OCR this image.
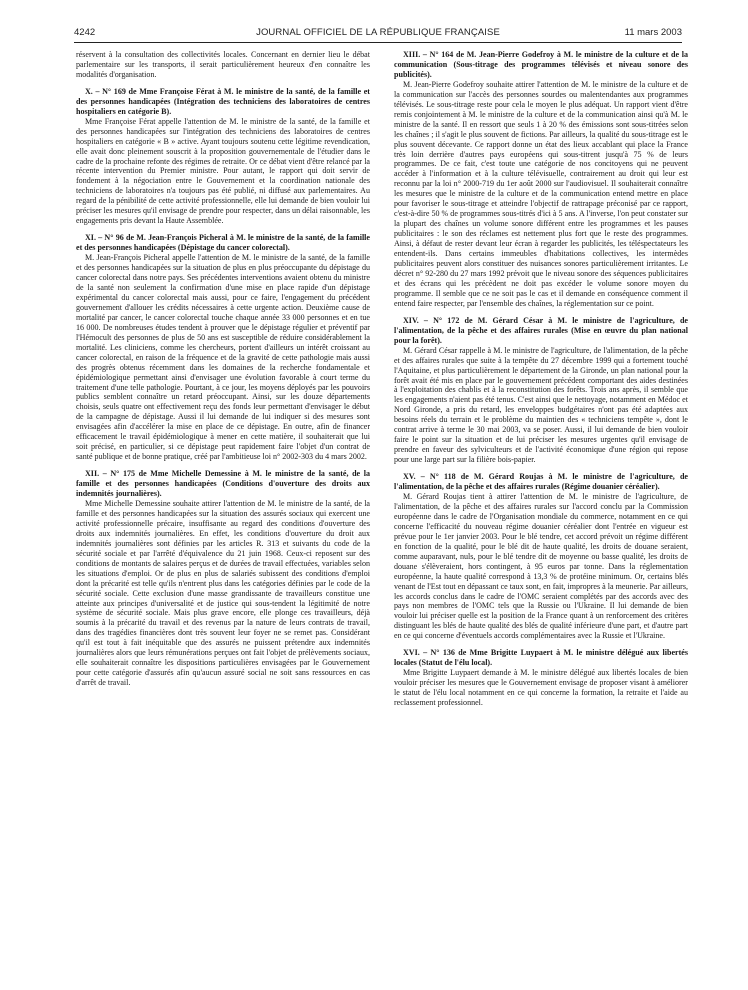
4242	JOURNAL OFFICIEL DE LA RÉPUBLIQUE FRANÇAISE	11 mars 2003

réservent à la consultation des collectivités locales. Concernant en dernier lieu le débat parlementaire sur les transports, il serait particulièrement heureux d'en connaître les modalités d'organisation.

X. – N° 169 de Mme Françoise Férat à M. le ministre de la santé, de la famille et des personnes handicapées (Intégration des techniciens des laboratoires de centres hospitaliers en catégorie B).

Mme Françoise Férat appelle l'attention de M. le ministre de la santé, de la famille et des personnes handicapées sur l'intégration des techniciens des laboratoires de centres hospitaliers en catégorie « B » active. Ayant toujours soutenu cette légitime revendication, elle avait donc pleinement souscrit à la proposition gouvernementale de l'étudier dans le cadre de la prochaine refonte des régimes de retraite. Or ce débat vient d'être relancé par la récente intervention du Premier ministre. Pour autant, le rapport qui doit servir de fondement à la négociation entre le Gouvernement et la coordination nationale des techniciens de laboratoires n'a toujours pas été publié, ni diffusé aux parlementaires. Au regard de la pénibilité de cette activité professionnelle, elle lui demande de bien vouloir lui préciser les mesures qu'il envisage de prendre pour respecter, dans un délai raisonnable, les engagements pris devant la Haute Assemblée.

XI. – N° 96 de M. Jean-François Picheral à M. le ministre de la santé, de la famille et des personnes handicapées (Dépistage du cancer colorectal).

M. Jean-François Picheral appelle l'attention de M. le ministre de la santé, de la famille et des personnes handicapées sur la situation de plus en plus préoccupante du dépistage du cancer colorectal dans notre pays. Ses précédentes interventions avaient obtenu du ministre de la santé non seulement la confirmation d'une mise en place rapide d'un dépistage expérimental du cancer colorectal mais aussi, pour ce faire, l'engagement du précédent gouvernement d'allouer les crédits nécessaires à cette urgente action. Deuxième cause de mortalité par cancer, le cancer colorectal touche chaque année 33 000 personnes et en tue 16 000. De nombreuses études tendent à prouver que le dépistage régulier et préventif par l'Hémocult des personnes de plus de 50 ans est susceptible de réduire considérablement la mortalité. Les cliniciens, comme les chercheurs, portent d'ailleurs un intérêt croissant au cancer colorectal, en raison de la fréquence et de la gravité de cette pathologie mais aussi des progrès obtenus récemment dans les domaines de la recherche fondamentale et épidémiologique permettant ainsi d'envisager une évolution favorable à court terme du traitement d'une telle pathologie. Pourtant, à ce jour, les moyens déployés par les pouvoirs publics semblent connaître un retard préoccupant. Ainsi, sur les douze départements choisis, seuls quatre ont effectivement reçu des fonds leur permettant d'envisager le début de la campagne de dépistage. Aussi il lui demande de lui indiquer si des mesures sont envisagées afin d'accélérer la mise en place de ce dépistage. En outre, afin de financer efficacement le travail épidémiologique à mener en cette matière, il souhaiterait que lui soit précisé, en particulier, si ce dépistage peut rapidement faire l'objet d'un contrat de santé publique et de bonne pratique, créé par l'ambitieuse loi n° 2002-303 du 4 mars 2002.

XII. – N° 175 de Mme Michelle Demessine à M. le ministre de la santé, de la famille et des personnes handicapées (Conditions d'ouverture des droits aux indemnités journalières).

Mme Michelle Demessine souhaite attirer l'attention de M. le ministre de la santé, de la famille et des personnes handicapées sur la situation des assurés sociaux qui exercent une activité professionnelle précaire, insuffisante au regard des conditions d'ouverture des droits aux indemnités journalières. En effet, les conditions d'ouverture du droit aux indemnités journalières sont définies par les articles R. 313 et suivants du code de la sécurité sociale et par l'arrêté d'équivalence du 21 juin 1968. Ceux-ci reposent sur des conditions de montants de salaires perçus et de durées de travail effectuées, variables selon les situations d'emploi. Or de plus en plus de salariés subissent des conditions d'emploi dont la précarité est telle qu'ils n'entrent plus dans les catégories définies par le code de la sécurité sociale. Cette exclusion d'une masse grandissante de travailleurs constitue une atteinte aux principes d'universalité et de justice qui sous-tendent la légitimité de notre système de sécurité sociale. Mais plus grave encore, elle plonge ces travailleurs, déjà soumis à la précarité du travail et des revenus par la nature de leurs contrats de travail, dans des tragédies financières dont très souvent leur foyer ne se remet pas. Considérant qu'il est tout à fait inéquitable que des assurés ne puissent prétendre aux indemnités journalières alors que leurs rémunérations perçues ont fait l'objet de prélèvements sociaux, elle souhaiterait connaître les dispositions particulières envisagées par le Gouvernement pour cette catégorie d'assurés afin qu'aucun assuré social ne soit sans ressources en cas d'arrêt de travail.

XIII. – N° 164 de M. Jean-Pierre Godefroy à M. le ministre de la culture et de la communication (Sous-titrage des programmes télévisés et niveau sonore des publicités).

M. Jean-Pierre Godefroy souhaite attirer l'attention de M. le ministre de la culture et de la communication sur l'accès des personnes sourdes ou malentendantes aux programmes télévisés. Le sous-titrage reste pour cela le moyen le plus adéquat. Un rapport vient d'être remis conjointement à M. le ministre de la culture et de la communication ainsi qu'à M. le ministre de la santé. Il en ressort que seuls 1 à 20 % des émissions sont sous-titrées selon les chaînes ; il s'agit le plus souvent de fictions. Par ailleurs, la qualité du sous-titrage est le plus souvent décevante. Ce rapport donne un état des lieux accablant qui place la France très loin derrière d'autres pays européens qui sous-titrent jusqu'à 75 % de leurs programmes. De ce fait, c'est toute une catégorie de nos concitoyens qui ne peuvent accéder à l'information et à la culture télévisuelle, contrairement au droit qui leur est reconnu par la loi n° 2000-719 du 1er août 2000 sur l'audiovisuel. Il souhaiterait connaître les mesures que le ministre de la culture et de la communication entend mettre en place pour favoriser le sous-titrage et atteindre l'objectif de rattrapage préconisé par ce rapport, c'est-à-dire 50 % de programmes sous-titrés d'ici à 5 ans. A l'inverse, l'on peut constater sur la plupart des chaînes un volume sonore différent entre les programmes et les pauses publicitaires : le son des réclames est nettement plus fort que le reste des programmes. Ainsi, à défaut de rester devant leur écran à regarder les publicités, les téléspectateurs les entendent-ils. Dans certains immeubles d'habitations collectives, les intermèdes publicitaires peuvent alors constituer des nuisances sonores particulièrement irritantes. Le décret n° 92-280 du 27 mars 1992 prévoit que le niveau sonore des séquences publicitaires et des écrans qui les précèdent ne doit pas excéder le volume sonore moyen du programme. Il semble que ce ne soit pas le cas et il demande en conséquence comment il entend faire respecter, par l'ensemble des chaînes, la réglementation sur ce point.

XIV. – N° 172 de M. Gérard César à M. le ministre de l'agriculture, de l'alimentation, de la pêche et des affaires rurales (Mise en œuvre du plan national pour la forêt).

M. Gérard César rappelle à M. le ministre de l'agriculture, de l'alimentation, de la pêche et des affaires rurales que suite à la tempête du 27 décembre 1999 qui a fortement touché l'Aquitaine, et plus particulièrement le département de la Gironde, un plan national pour la forêt avait été mis en place par le gouvernement précédent comportant des aides destinées à l'exploitation des chablis et à la reconstitution des forêts. Trois ans après, il semble que les engagements n'aient pas été tenus. C'est ainsi que le nettoyage, notamment en Médoc et Nord Gironde, a pris du retard, les enveloppes budgétaires n'ont pas été adaptées aux besoins réels du terrain et le problème du maintien des « techniciens tempête », dont le contrat arrive à terme le 30 mai 2003, va se poser. Aussi, il lui demande de bien vouloir faire le point sur la situation et de lui préciser les mesures urgentes qu'il envisage de prendre en faveur des sylviculteurs et de l'activité économique d'une région qui repose pour une large part sur la filière bois-papier.

XV. – N° 118 de M. Gérard Roujas à M. le ministre de l'agriculture, de l'alimentation, de la pêche et des affaires rurales (Régime douanier céréalier).

M. Gérard Roujas tient à attirer l'attention de M. le ministre de l'agriculture, de l'alimentation, de la pêche et des affaires rurales sur l'accord conclu par la Commission européenne dans le cadre de l'Organisation mondiale du commerce, notamment en ce qui concerne l'efficacité du nouveau régime douanier céréalier dont l'entrée en vigueur est prévue pour le 1er janvier 2003. Pour le blé tendre, cet accord prévoit un régime différent en fonction de la qualité, pour le blé dit de haute qualité, les droits de douane seraient, comme auparavant, nuls, pour le blé tendre dit de moyenne ou basse qualité, les droits de douane s'élèveraient, hors contingent, à 95 euros par tonne. Dans la réglementation européenne, la haute qualité correspond à 13,3 % de protéine minimum. Or, certains blés venant de l'Est tout en dépassant ce taux sont, en fait, impropres à la meunerie. Par ailleurs, les accords conclus dans le cadre de l'OMC seraient complétés par des accords avec des pays non membres de l'OMC tels que la Russie ou l'Ukraine. Il lui demande de bien vouloir lui préciser quelle est la position de la France quant à un renforcement des critères distinguant les blés de haute qualité des blés de qualité inférieure d'une part, et d'autre part en ce qui concerne d'éventuels accords complémentaires avec la Russie et l'Ukraine.

XVI. – N° 136 de Mme Brigitte Luypaert à M. le ministre délégué aux libertés locales (Statut de l'élu local).

Mme Brigitte Luypaert demande à M. le ministre délégué aux libertés locales de bien vouloir préciser les mesures que le Gouvernement envisage de proposer visant à améliorer le statut de l'élu local notamment en ce qui concerne la formation, la retraite et l'aide au reclassement professionnel.
